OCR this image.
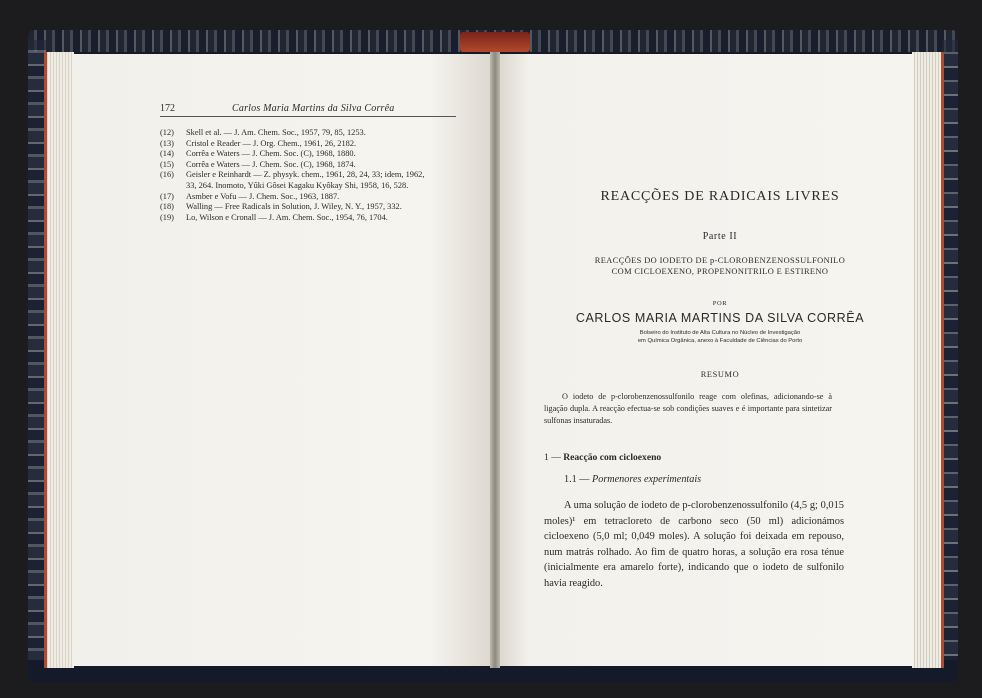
172	Carlos Maria Martins da Silva Corrêa
(12)	Skell et al. — J. Am. Chem. Soc., 1957, 79, 85, 1253.
(13)	Cristol e Reader — J. Org. Chem., 1961, 26, 2182.
(14)	Corrêa e Waters — J. Chem. Soc. (C), 1968, 1880.
(15)	Corrêa e Waters — J. Chem. Soc. (C), 1968, 1874.
(16)	Geisler e Reinhardt — Z. physyk. chem., 1961, 28, 24, 33; idem, 1962,
33, 264. Inomoto, Yûki Gôsei Kagaku Kyôkay Shi, 1958, 16, 528.
(17)	Asmber e Vofu — J. Chem. Soc., 1963, 1887.
(18)	Walling — Free Radicals in Solution, J. Wiley, N. Y., 1957, 332.
(19)	Lo, Wilson e Cronall — J. Am. Chem. Soc., 1954, 76, 1704.
REACÇÕES DE RADICAIS LIVRES
Parte II
REACÇÕES DO IODETO DE p-CLOROBENZENOSSULFONILO
COM CICLOEXENO, PROPENONITRILO E ESTIRENO
POR
CARLOS MARIA MARTINS DA SILVA CORRÊA
Bolseiro do Instituto de Alta Cultura no Núcleo de Investigação
em Química Orgânica, anexo à Faculdade de Ciências do Porto
RESUMO

O iodeto de p-clorobenzenossulfonilo reage com olefinas, adicionando-se à ligação dupla. A reacção efectua-se sob condições suaves e é importante para sintetizar sulfonas insaturadas.

1 — Reacção com cicloexeno
1.1 — Pormenores experimentais

A uma solução de iodeto de p-clorobenzenossulfonilo (4,5 g; 0,015 moles)¹ em tetracloreto de carbono seco (50 ml) adicionámos cicloexeno (5,0 ml; 0,049 moles). A solução foi deixada em repouso, num matrás rolhado. Ao fim de quatro horas, a solução era rosa ténue (inicialmente era amarelo forte), indicando que o iodeto de sulfonilo havia reagido.
